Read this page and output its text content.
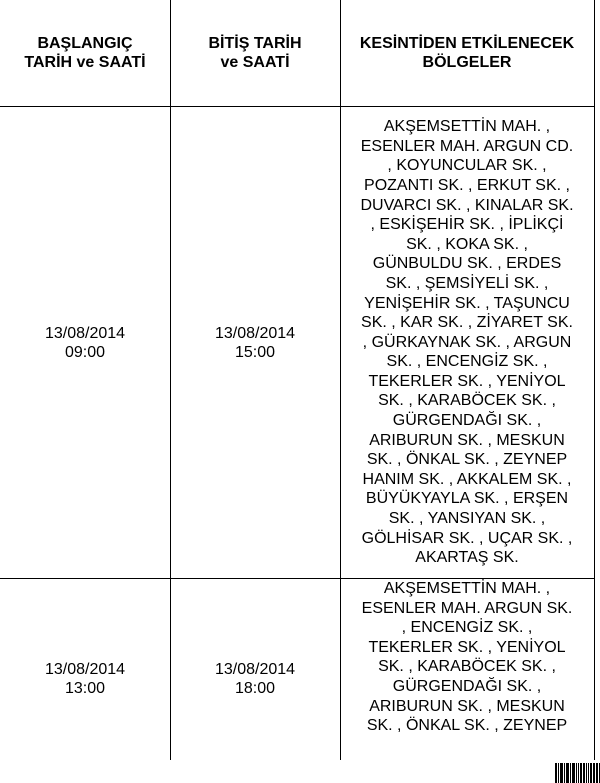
BAŞLANGIÇ
TARİH ve SAATİ
BİTİŞ TARİH
ve SAATİ
KESİNTİDEN ETKİLENECEK
BÖLGELER
13/08/2014
09:00
13/08/2014
15:00
AKŞEMSETTİN MAH. ,
ESENLER MAH. ARGUN CD.
, KOYUNCULAR SK. ,
POZANTI SK. , ERKUT SK. ,
DUVARCI SK. , KINALAR SK.
, ESKİŞEHİR SK. , İPLİKÇİ
SK. , KOKA SK. ,
GÜNBULDU SK. , ERDES
SK. , ŞEMSİYELİ SK. ,
YENİŞEHİR SK. , TAŞUNCU
SK. , KAR SK. , ZİYARET SK.
, GÜRKAYNAK SK. , ARGUN
SK. , ENCENGİZ SK. ,
TEKERLER SK. , YENİYOL
SK. , KARABÖCEK SK. ,
GÜRGENDAĞI SK. ,
ARIBURUN SK. , MESKUN
SK. , ÖNKAL SK. , ZEYNEP
HANIM SK. , AKKALEM SK. ,
BÜYÜKYAYLA SK. , ERŞEN
SK. , YANSIYAN SK. ,
GÖLHİSAR SK. , UÇAR SK. ,
AKARTAŞ SK.
13/08/2014
13:00
13/08/2014
18:00
AKŞEMSETTİN MAH. ,
ESENLER MAH. ARGUN SK.
, ENCENGİZ SK. ,
TEKERLER SK. , YENİYOL
SK. , KARABÖCEK SK. ,
GÜRGENDAĞI SK. ,
ARIBURUN SK. , MESKUN
SK. , ÖNKAL SK. , ZEYNEP
